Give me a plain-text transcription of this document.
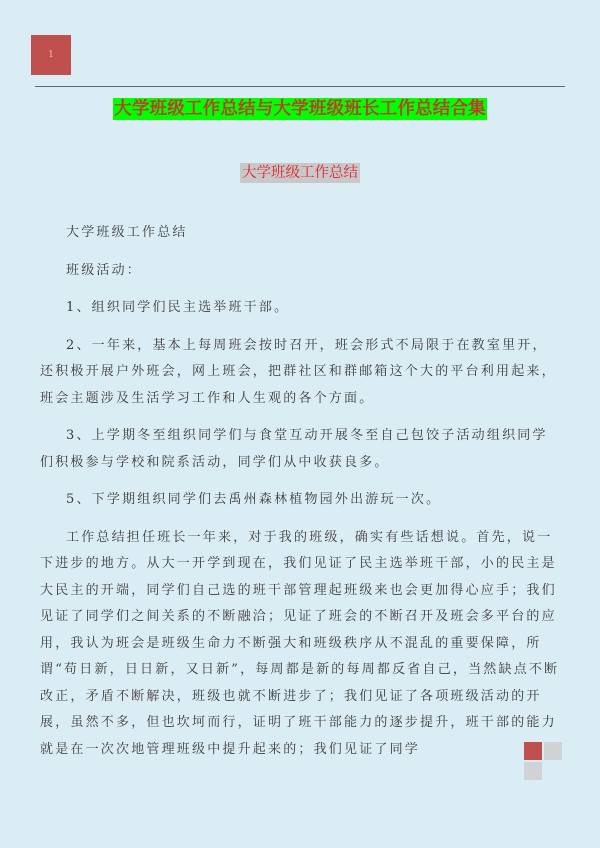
1
大学班级工作总结与大学班级班长工作总结合集
大学班级工作总结

大学班级工作总结

班级活动：

1、组织同学们民主选举班干部。

2、一年来，基本上每周班会按时召开，班会形式不局限于在教室里开，还积极开展户外班会，网上班会，把群社区和群邮箱这个大的平台利用起来，班会主题涉及生活学习工作和人生观的各个方面。

3、上学期冬至组织同学们与食堂互动开展冬至自己包饺子活动组织同学们积极参与学校和院系活动，同学们从中收获良多。

5、下学期组织同学们去禹州森林植物园外出游玩一次。

工作总结担任班长一年来，对于我的班级，确实有些话想说。首先，说一下进步的地方。从大一开学到现在，我们见证了民主选举班干部，小的民主是大民主的开端，同学们自己选的班干部管理起班级来也会更加得心应手；我们见证了同学们之间关系的不断融洽；见证了班会的不断召开及班会多平台的应用，我认为班会是班级生命力不断强大和班级秩序从不混乱的重要保障，所谓“苟日新，日日新，又日新”，每周都是新的每周都反省自己，当然缺点不断改正，矛盾不断解决，班级也就不断进步了；我们见证了各项班级活动的开展，虽然不多，但也坎坷而行，证明了班干部能力的逐步提升，班干部的能力就是在一次次地管理班级中提升起来的；我们见证了同学
